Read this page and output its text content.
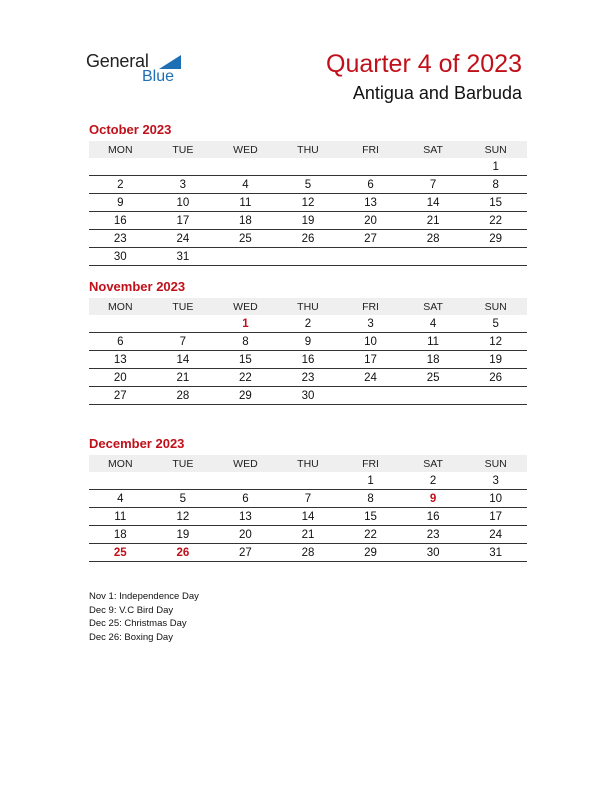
General
Blue	Quarter 4 of 2023
Antigua and Barbuda
October 2023
MON	TUE	WED	THU	FRI	SAT	SUN
						1
2	3	4	5	6	7	8
9	10	11	12	13	14	15
16	17	18	19	20	21	22
23	24	25	26	27	28	29
30	31					
November 2023
MON	TUE	WED	THU	FRI	SAT	SUN
		1	2	3	4	5
6	7	8	9	10	11	12
13	14	15	16	17	18	19
20	21	22	23	24	25	26
27	28	29	30			
December 2023
MON	TUE	WED	THU	FRI	SAT	SUN
				1	2	3
4	5	6	7	8	9	10
11	12	13	14	15	16	17
18	19	20	21	22	23	24
25	26	27	28	29	30	31
Nov 1: Independence Day
Dec 9: V.C Bird Day
Dec 25: Christmas Day
Dec 26: Boxing Day
